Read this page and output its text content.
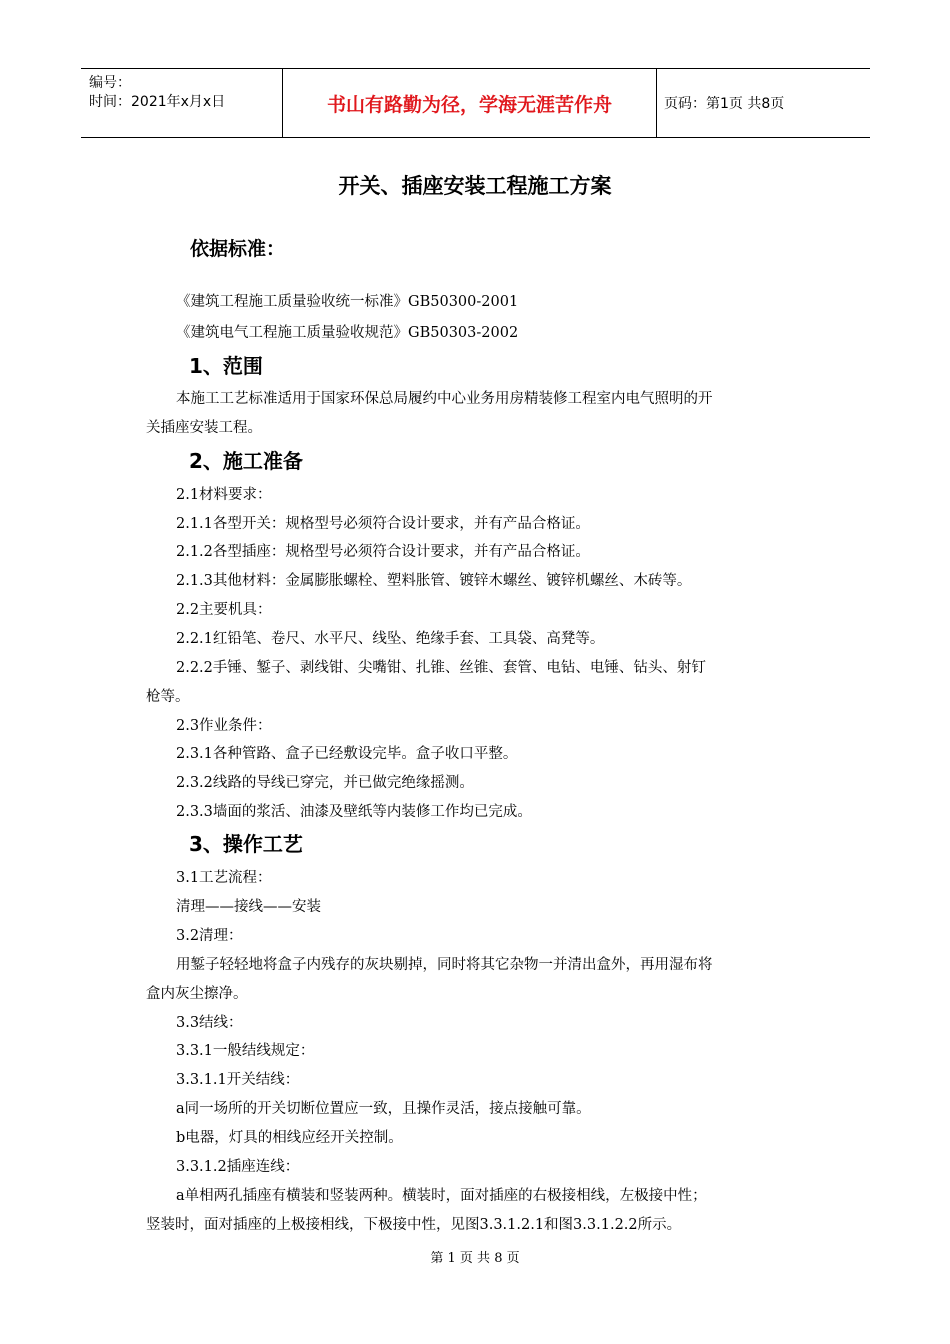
编号：
时间：2021年x月x日	书山有路勤为径，学海无涯苦作舟	页码：第1页 共8页
开关、插座安装工程施工方案
依据标准：
《建筑工程施工质量验收统一标准》GB50300-2001
《建筑电气工程施工质量验收规范》GB50303-2002
1、范围
本施工工艺标准适用于国家环保总局履约中心业务用房精装修工程室内电气照明的开
关插座安装工程。
2、施工准备
2.1材料要求：
2.1.1各型开关：规格型号必须符合设计要求，并有产品合格证。
2.1.2各型插座：规格型号必须符合设计要求，并有产品合格证。
2.1.3其他材料：金属膨胀螺栓、塑料胀管、镀锌木螺丝、镀锌机螺丝、木砖等。
2.2主要机具：
2.2.1红铅笔、卷尺、水平尺、线坠、绝缘手套、工具袋、高凳等。
2.2.2手锤、錾子、剥线钳、尖嘴钳、扎锥、丝锥、套管、电钻、电锤、钻头、射钉
枪等。
2.3作业条件：
2.3.1各种管路、盒子已经敷设完毕。盒子收口平整。
2.3.2线路的导线已穿完，并已做完绝缘摇测。
2.3.3墙面的浆活、油漆及壁纸等内装修工作均已完成。
3、操作工艺
3.1工艺流程：
清理——接线——安装
3.2清理：
用錾子轻轻地将盒子内残存的灰块剔掉，同时将其它杂物一并清出盒外，再用湿布将
盒内灰尘擦净。
3.3结线：
3.3.1一般结线规定：
3.3.1.1开关结线：
a同一场所的开关切断位置应一致，且操作灵活，接点接触可靠。
b电器，灯具的相线应经开关控制。
3.3.1.2插座连线：
a单相两孔插座有横装和竖装两种。横装时，面对插座的右极接相线，左极接中性；
竖装时，面对插座的上极接相线，下极接中性，见图3.3.1.2.1和图3.3.1.2.2所示。
第 1 页 共 8 页
